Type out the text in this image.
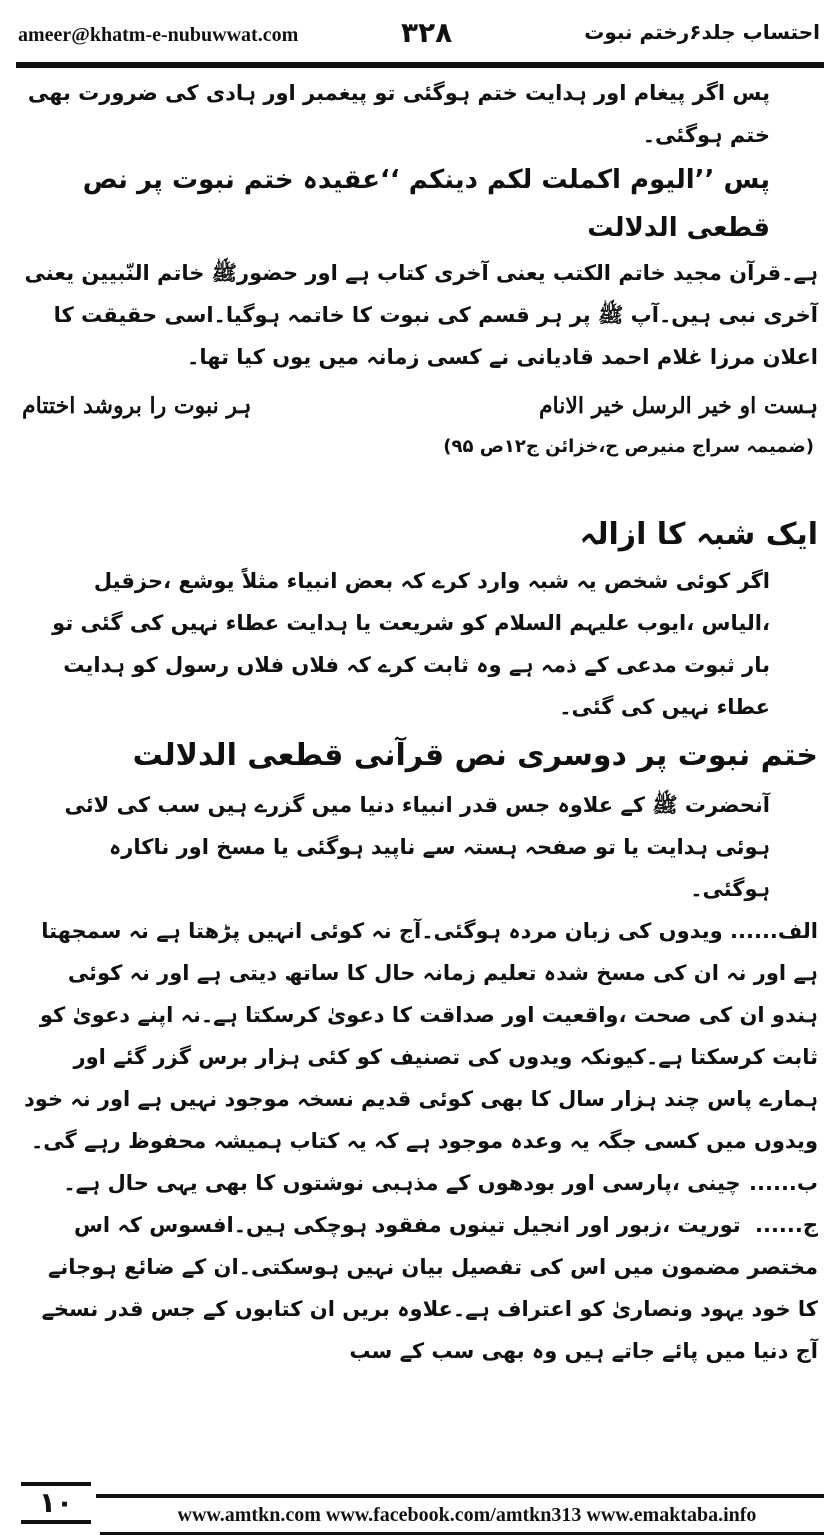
ameer@khatm-e-nubuwwat.com	۳۲۸	احتساب جلد۶رختم نبوت

پس اگر پیغام اور ہدایت ختم ہوگئی تو پیغمبر اور ہادی کی ضرورت بھی ختم ہوگئی۔

پس ’’الیوم اکملت لکم دینکم ‘‘عقیدہ ختم نبوت پر نص قطعی الدلالت

ہے۔قرآن مجید خاتم الکتب یعنی آخری کتاب ہے اور حضورﷺ خاتم النّبیین یعنی آخری نبی ہیں۔آپ ﷺ پر ہر قسم کی نبوت کا خاتمہ ہوگیا۔اسی حقیقت کا اعلان مرزا غلام احمد قادیانی نے کسی زمانہ میں یوں کیا تھا۔

ہست او خیر الرسل خیر الانام
ہر نبوت را بروشد اختتام
(ضمیمہ سراج منیرص ح،خزائن ج۱۲ص ۹۵)
ایک شبہ کا ازالہ

اگر کوئی شخص یہ شبہ وارد کرے کہ بعض انبیاء مثلاً یوشع ،حزقیل ،الیاس ،ایوب علیہم السلام کو شریعت یا ہدایت عطاء نہیں کی گئی تو بار ثبوت مدعی کے ذمہ ہے وہ ثابت کرے کہ فلاں فلاں رسول کو ہدایت عطاء نہیں کی گئی۔

ختم نبوت پر دوسری نص قرآنی قطعی الدلالت

آنحضرت ﷺ کے علاوہ جس قدر انبیاء دنیا میں گزرے ہیں سب کی لائی ہوئی ہدایت یا تو صفحہ ہستہ سے ناپید ہوگئی یا مسخ اور ناکارہ ہوگئی۔

الف...... ویدوں کی زبان مردہ ہوگئی۔آج نہ کوئی انہیں پڑھتا ہے نہ سمجھتا ہے اور نہ ان کی مسخ شدہ تعلیم زمانہ حال کا ساتھ دیتی ہے اور نہ کوئی ہندو ان کی صحت ،واقعیت اور صداقت کا دعویٰ کرسکتا ہے۔نہ اپنے دعویٰ کو ثابت کرسکتا ہے۔کیونکہ ویدوں کی تصنیف کو کئی ہزار برس گزر گئے اور ہمارے پاس چند ہزار سال کا بھی کوئی قدیم نسخہ موجود نہیں ہے اور نہ خود ویدوں میں کسی جگہ یہ وعدہ موجود ہے کہ یہ کتاب ہمیشہ محفوظ رہے گی۔

ب...... چینی ،پارسی اور بودھوں کے مذہبی نوشتوں کا بھی یہی حال ہے۔

ج...... توریت ،زبور اور انجیل تینوں مفقود ہوچکی ہیں۔افسوس کہ اس مختصر مضمون میں اس کی تفصیل بیان نہیں ہوسکتی۔ان کے ضائع ہوجانے کا خود یہود ونصاریٰ کو اعتراف ہے۔علاوہ بریں ان کتابوں کے جس قدر نسخے آج دنیا میں پائے جاتے ہیں وہ بھی سب کے سب

۱۰	www.amtkn.com www.facebook.com/amtkn313 www.emaktaba.info
